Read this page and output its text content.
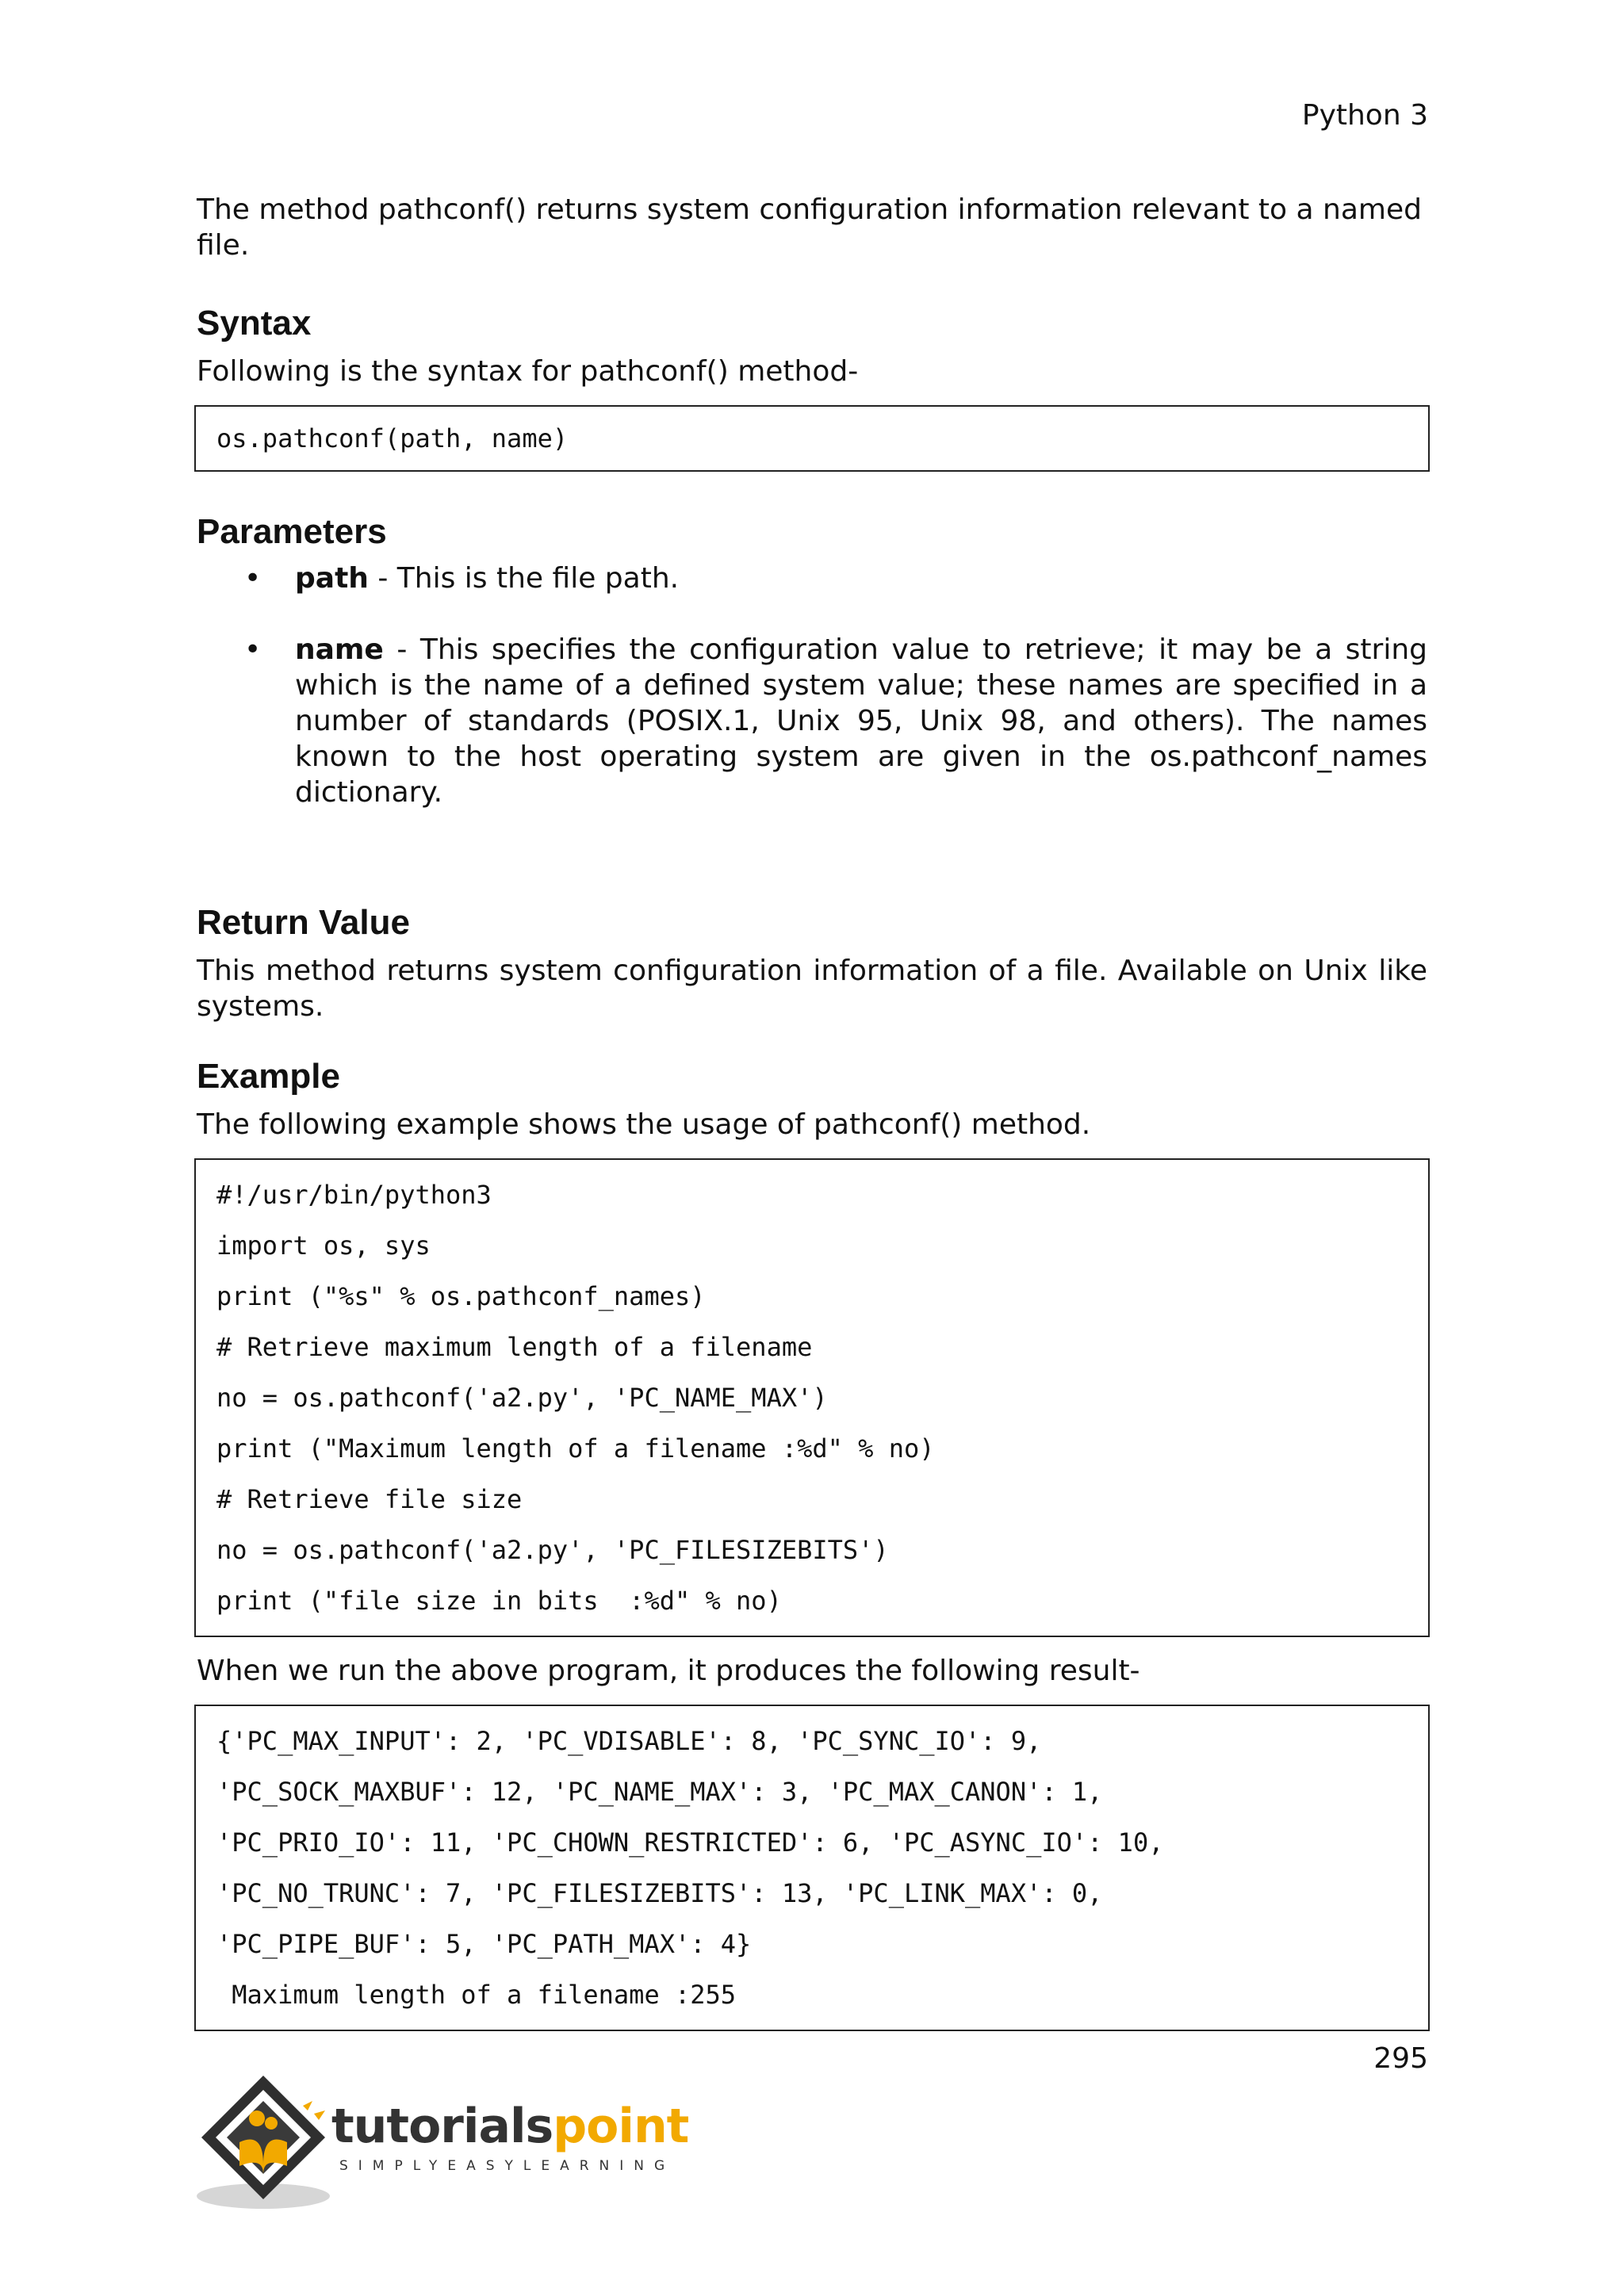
Python 3

The method pathconf() returns system configuration information relevant to a named file.

Syntax

Following is the syntax for pathconf() method-

os.pathconf(path, name)
Parameters
• path - This is the file path.
• name - This specifies the configuration value to retrieve; it may be a string which is the name of a defined system value; these names are specified in a number of standards (POSIX.1, Unix 95, Unix 98, and others). The names known to the host operating system are given in the os.pathconf_names dictionary.
Return Value

This method returns system configuration information of a file. Available on Unix like systems.

Example

The following example shows the usage of pathconf() method.

#!/usr/bin/python3
import os, sys
print ("%s" % os.pathconf_names)
# Retrieve maximum length of a filename
no = os.pathconf('a2.py', 'PC_NAME_MAX')
print ("Maximum length of a filename :%d" % no)
# Retrieve file size
no = os.pathconf('a2.py', 'PC_FILESIZEBITS')
print ("file size in bits  :%d" % no)

When we run the above program, it produces the following result-

{'PC_MAX_INPUT': 2, 'PC_VDISABLE': 8, 'PC_SYNC_IO': 9,
'PC_SOCK_MAXBUF': 12, 'PC_NAME_MAX': 3, 'PC_MAX_CANON': 1,
'PC_PRIO_IO': 11, 'PC_CHOWN_RESTRICTED': 6, 'PC_ASYNC_IO': 10,
'PC_NO_TRUNC': 7, 'PC_FILESIZEBITS': 13, 'PC_LINK_MAX': 0,
'PC_PIPE_BUF': 5, 'PC_PATH_MAX': 4}
Maximum length of a filename :255
295
tutorialspoint
SIMPLYEASYLEARNING
